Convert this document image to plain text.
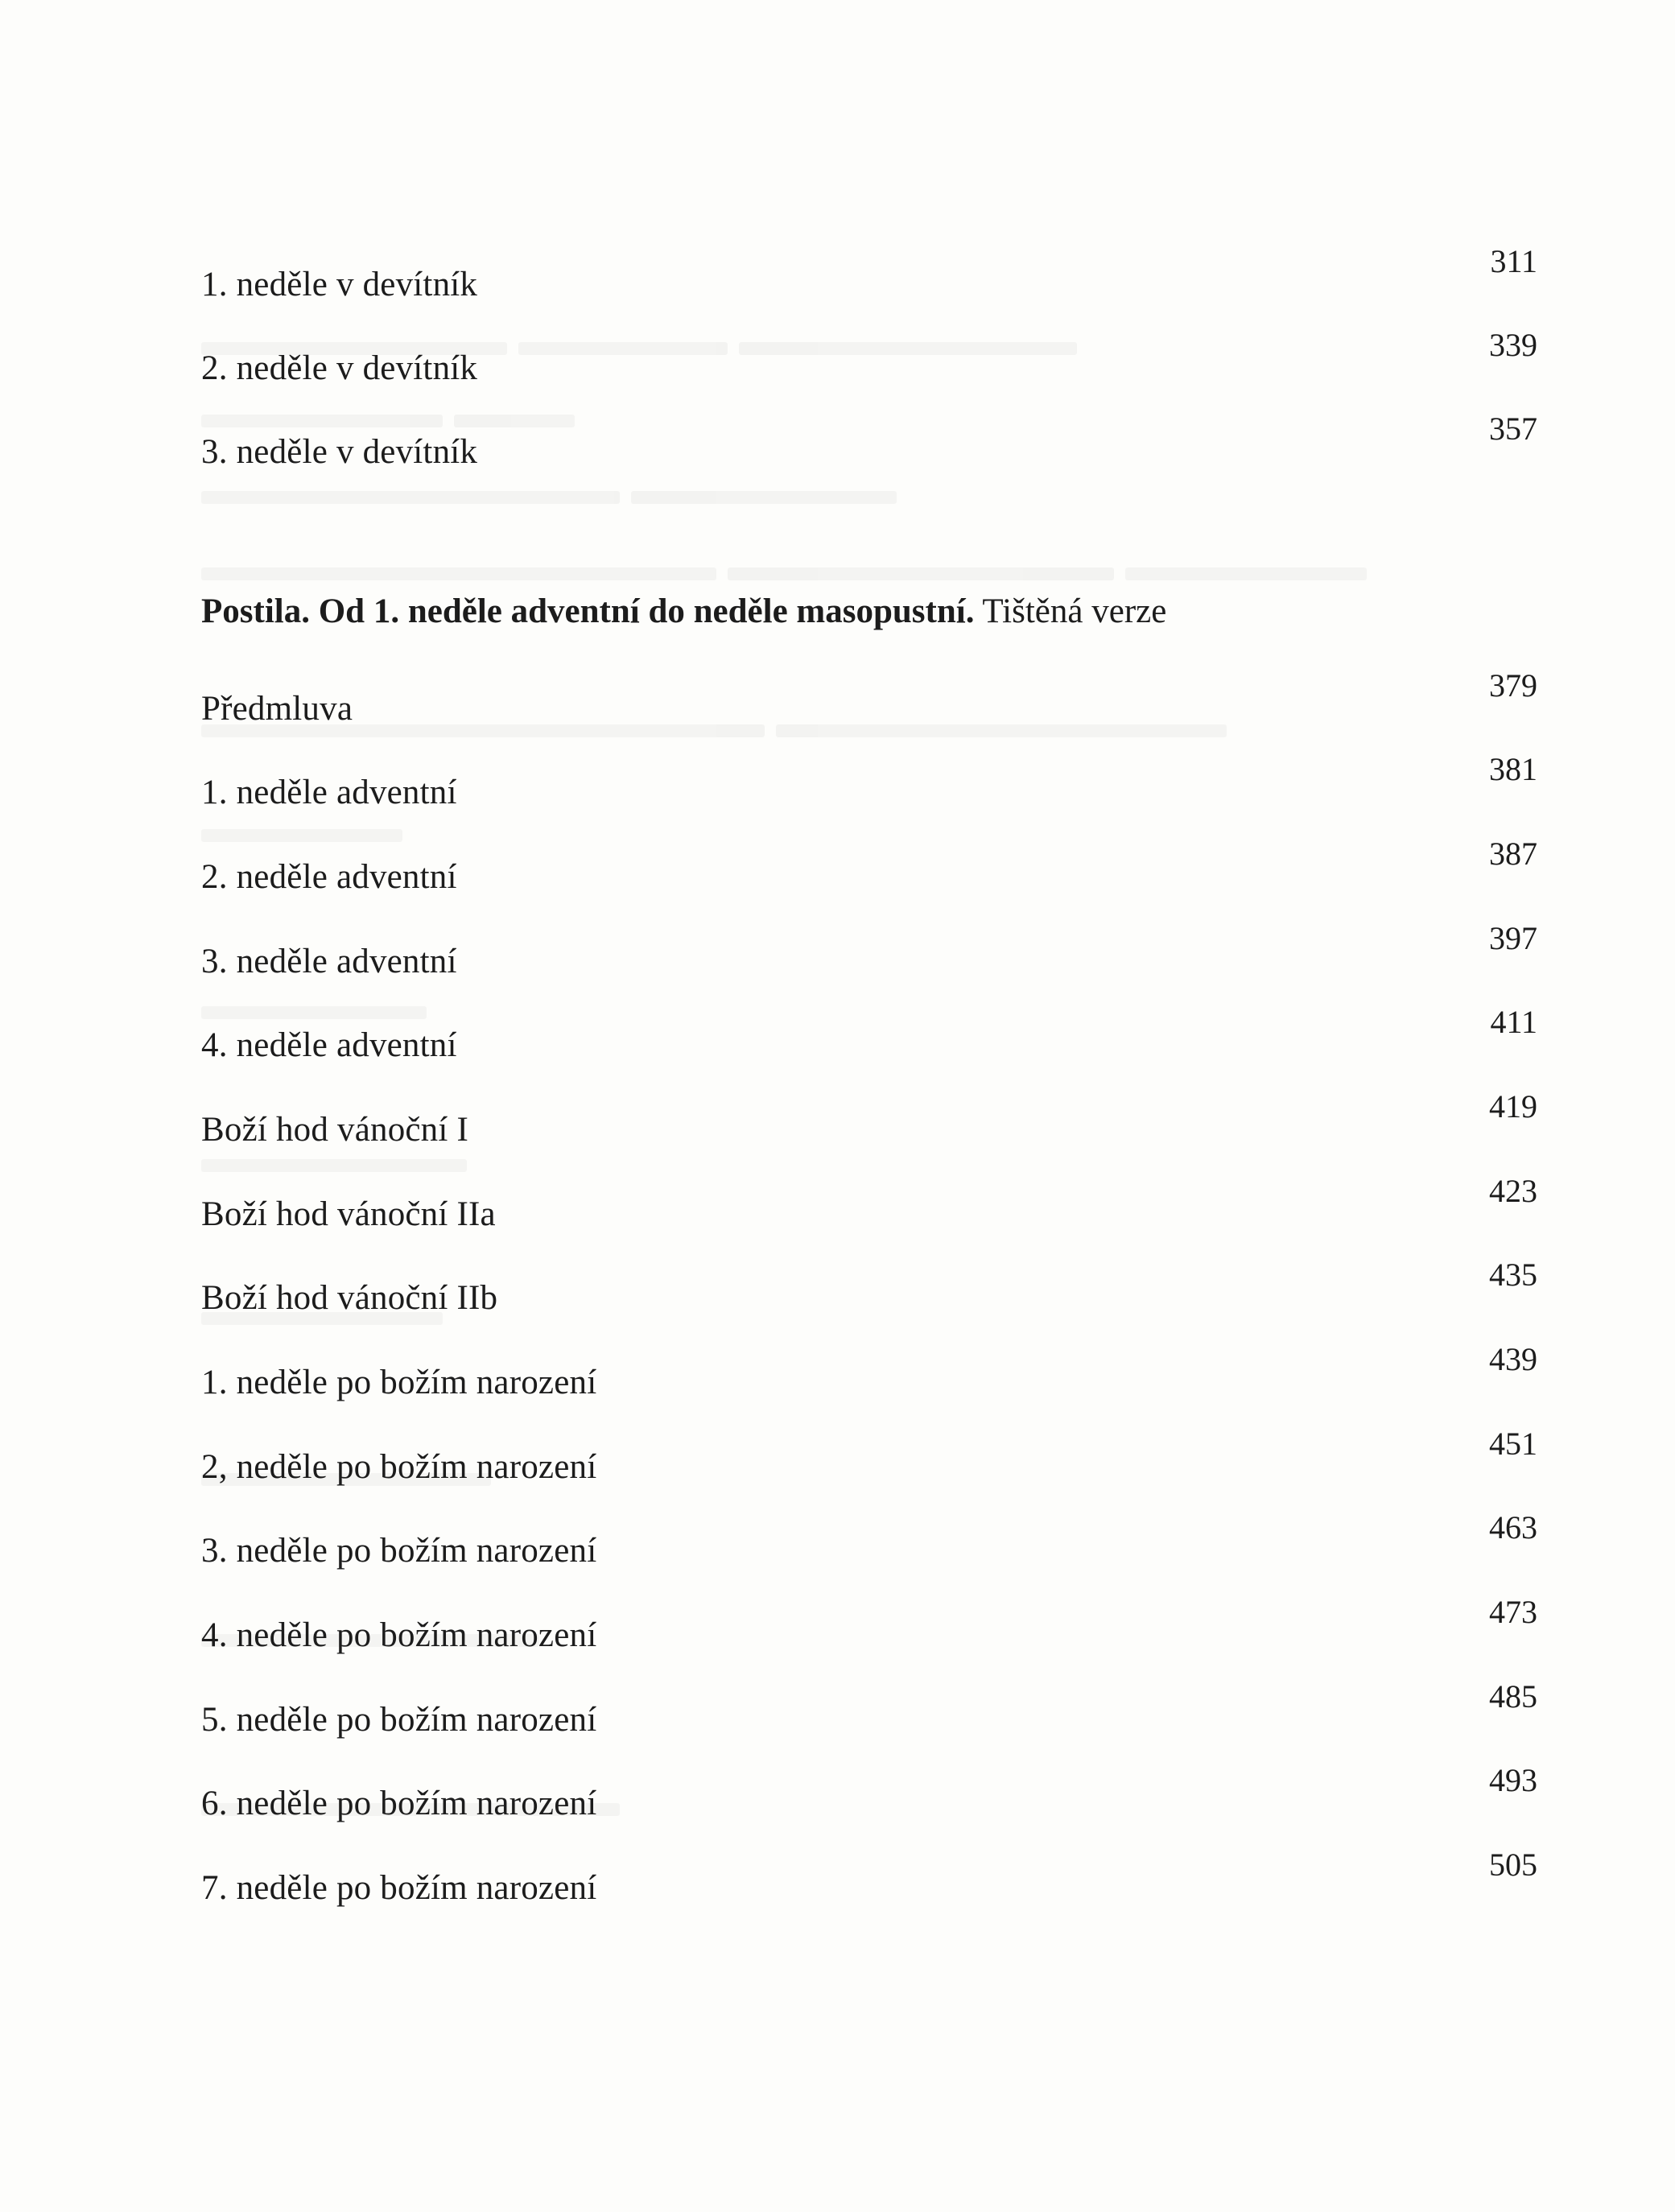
1. neděle v devítník
311
2. neděle v devítník
339
3. neděle v devítník
357
Postila. Od 1. neděle adventní do neděle masopustní. Tištěná verze
Předmluva
379
1. neděle adventní
381
2. neděle adventní
387
3. neděle adventní
397
4. neděle adventní
411
Boží hod vánoční I
419
Boží hod vánoční IIa
423
Boží hod vánoční IIb
435
1. neděle po božím narození
439
2, neděle po božím narození
451
3. neděle po božím narození
463
4. neděle po božím narození
473
5. neděle po božím narození
485
6. neděle po božím narození
493
7. neděle po božím narození
505
